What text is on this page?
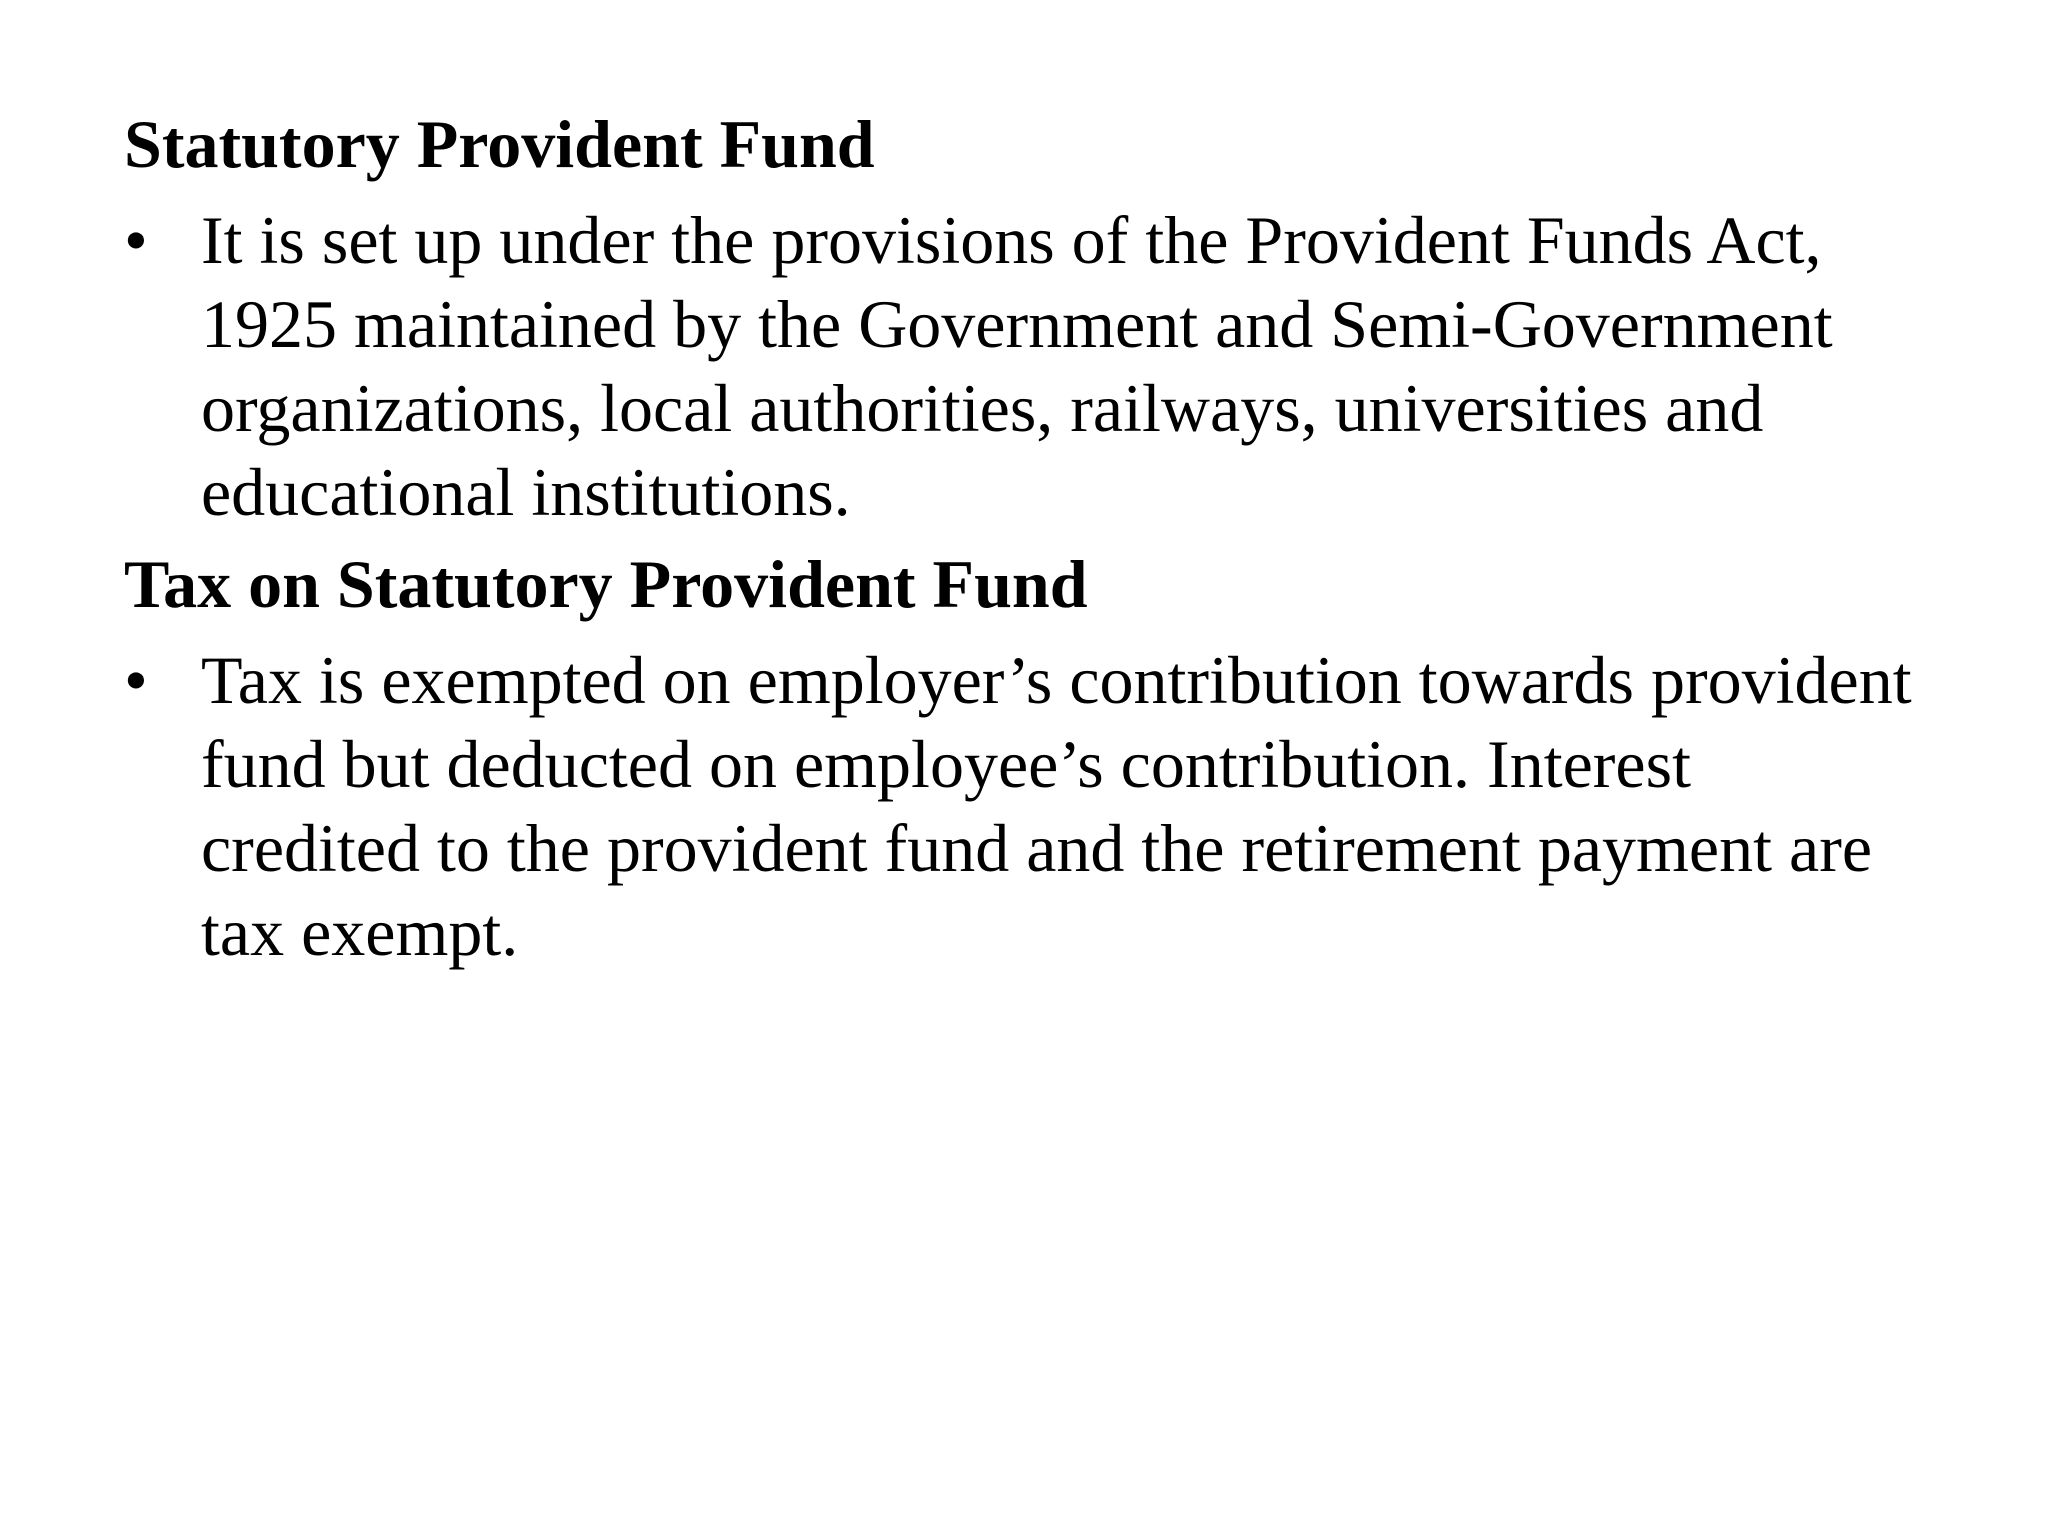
Statutory Provident Fund
• It is set up under the provisions of the Provident Funds Act,
1925 maintained by the Government and Semi-Government
organizations, local authorities, railways, universities and
educational institutions.

Tax on Statutory Provident Fund
• Tax is exempted on employer’s contribution towards provident
fund but deducted on employee’s contribution. Interest
credited to the provident fund and the retirement payment are
tax exempt.
